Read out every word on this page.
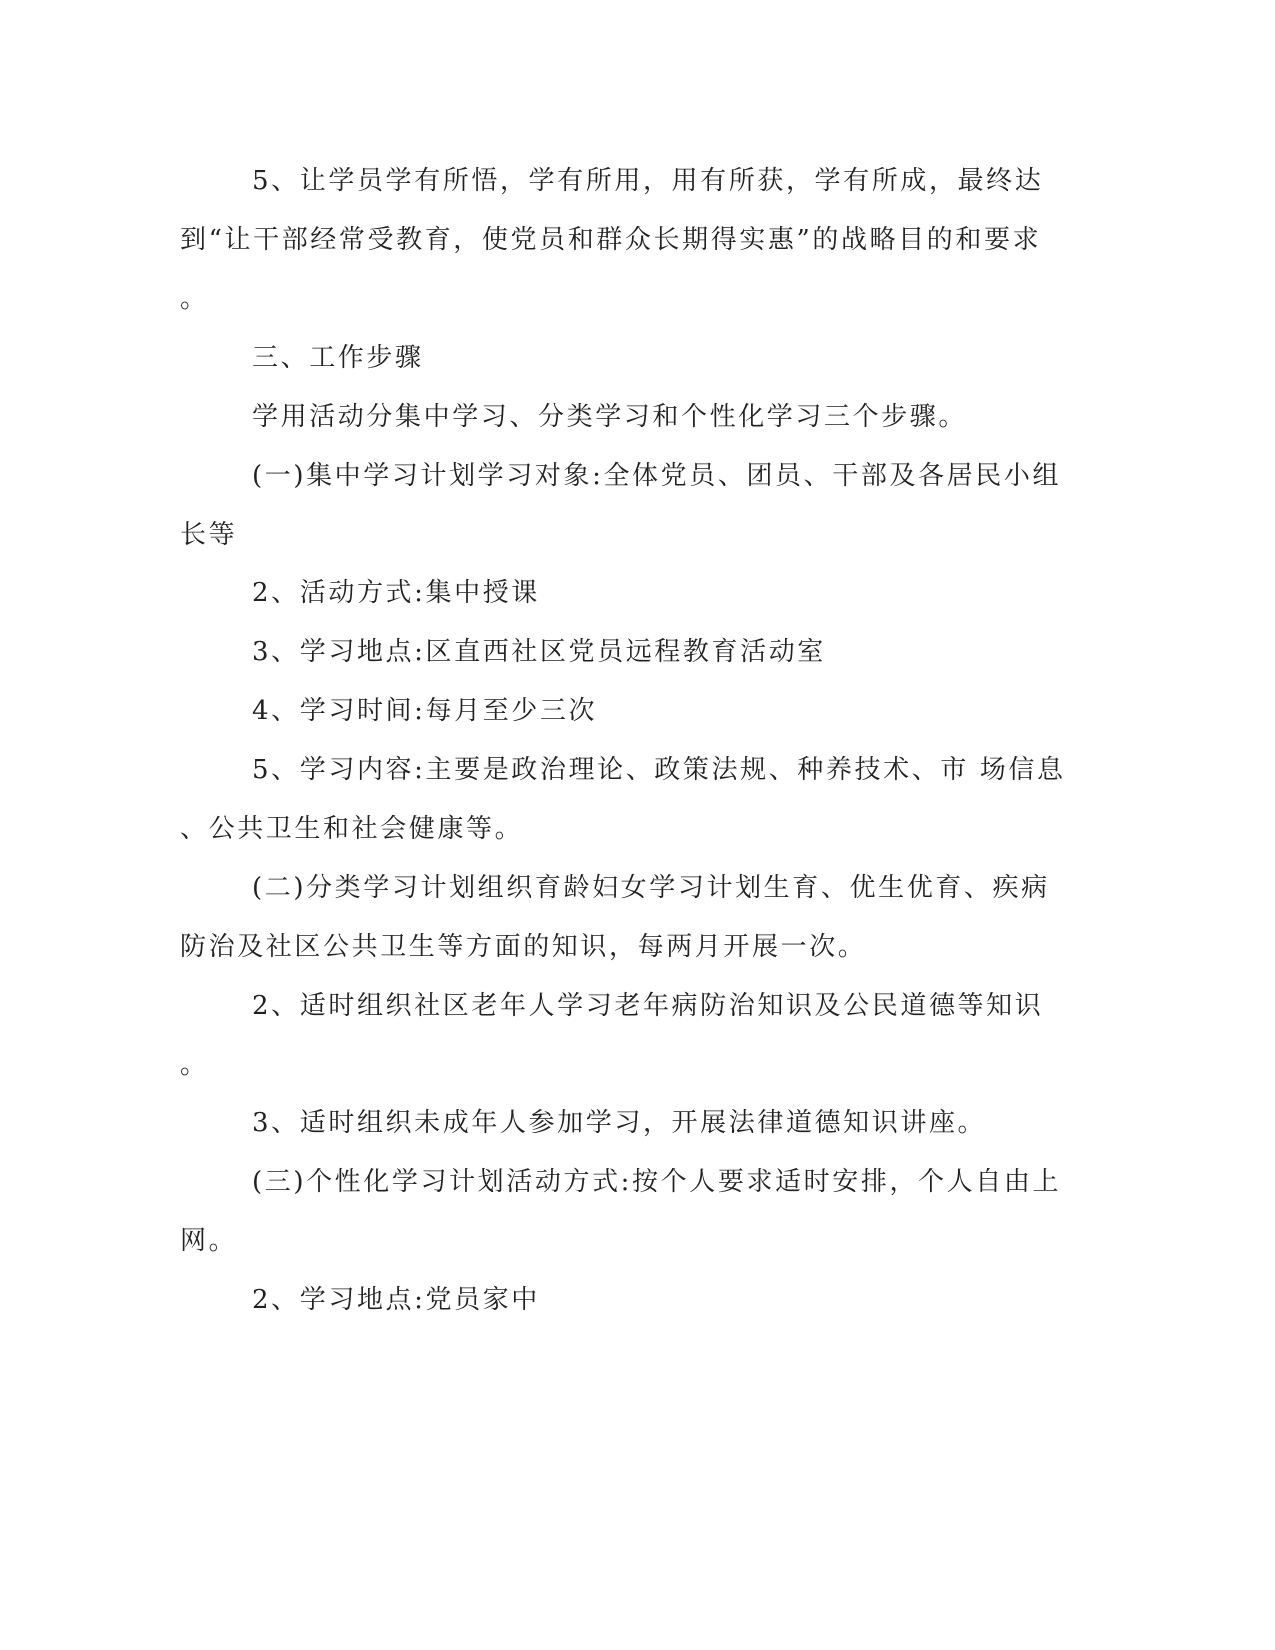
5、让学员学有所悟，学有所用，用有所获，学有所成，最终达

到“让干部经常受教育，使党员和群众长期得实惠”的战略目的和要求

。

三、工作步骤

学用活动分集中学习、分类学习和个性化学习三个步骤。

(一)集中学习计划学习对象:全体党员、团员、干部及各居民小组

长等

2、活动方式:集中授课

3、学习地点:区直西社区党员远程教育活动室

4、学习时间:每月至少三次

5、学习内容:主要是政治理论、政策法规、种养技术、市 场信息

、公共卫生和社会健康等。

(二)分类学习计划组织育龄妇女学习计划生育、优生优育、疾病

防治及社区公共卫生等方面的知识，每两月开展一次。

2、适时组织社区老年人学习老年病防治知识及公民道德等知识

。

3、适时组织未成年人参加学习，开展法律道德知识讲座。

(三)个性化学习计划活动方式:按个人要求适时安排，个人自由上

网。

2、学习地点:党员家中
